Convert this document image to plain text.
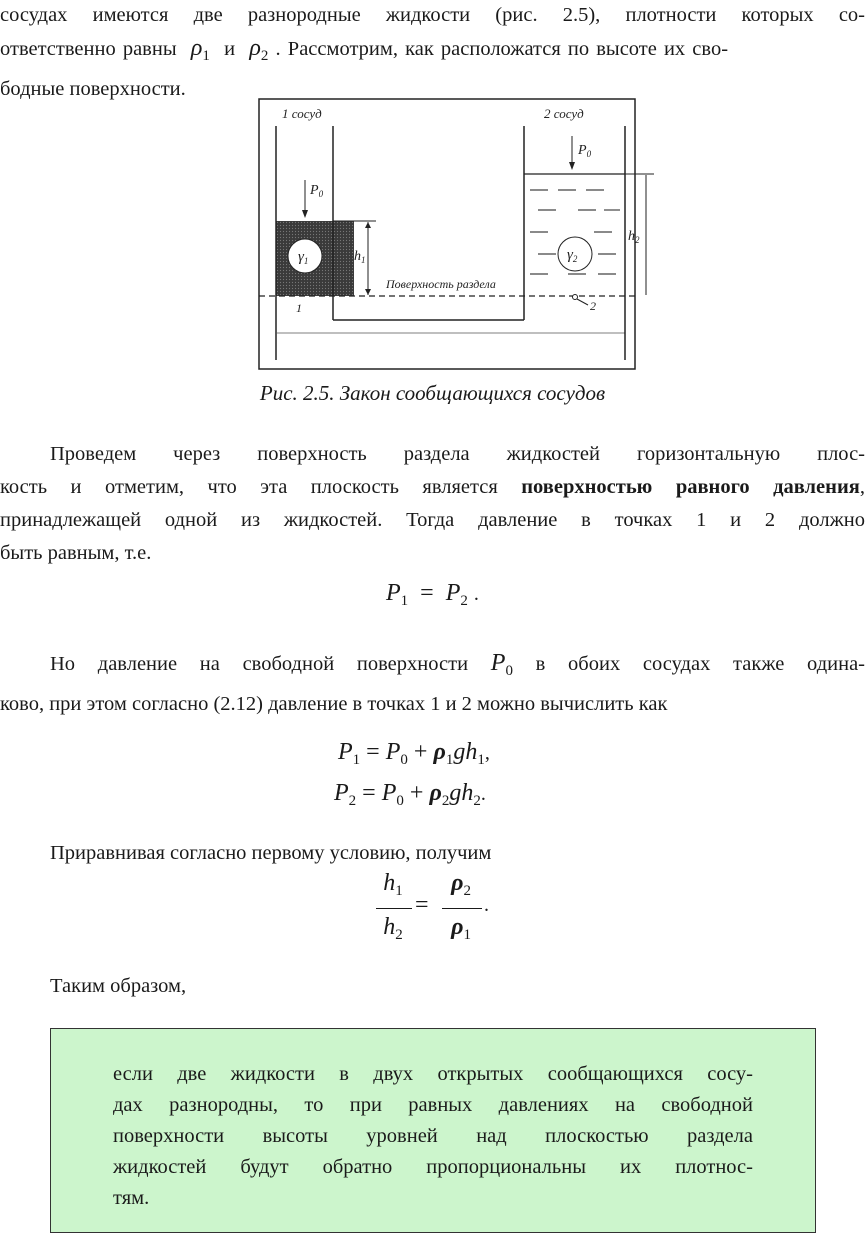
сосудах имеются две разнородные жидкости (рис. 2.5), плотности которых со-
ответственно равны  $\rho_1$ и $\rho_2$ . Рассмотрим, как расположатся по высоте их сво-
бодные поверхности.
1 сосуд	2 сосуд
$P_0$
$P_0$
$\gamma_1$	$\gamma_2$
$h_1$
$h_2$
Поверхность раздела
1	2
Рис. 2.5. Закон сообщающихся сосудов
Проведем через поверхность раздела жидкостей горизонтальную плос-
кость и отметим, что эта плоскость является поверхностью равного давления,
принадлежащей одной из жидкостей. Тогда давление в точках 1 и 2 должно
быть равным, т.е.
$P_1 = P_2$ .
Но давление на свободной поверхности $P_0$ в обоих сосудах также одина-
ково, при этом согласно (2.12) давление в точках 1 и 2 можно вычислить как
$P_1 = P_0 + \rho_1gh_1$,
$P_2 = P_0 + \rho_2gh_2$.
Приравнивая согласно первому условию, получим
$h_1$
$h_2$
=
$\rho_2$
$\rho_1$
.
Таким образом,
если две жидкости в двух открытых сообщающихся сосу-
дах разнородны, то при равных давлениях на свободной
поверхности высоты уровней над плоскостью раздела
жидкостей будут обратно пропорциональны их плотнос-
тям.
